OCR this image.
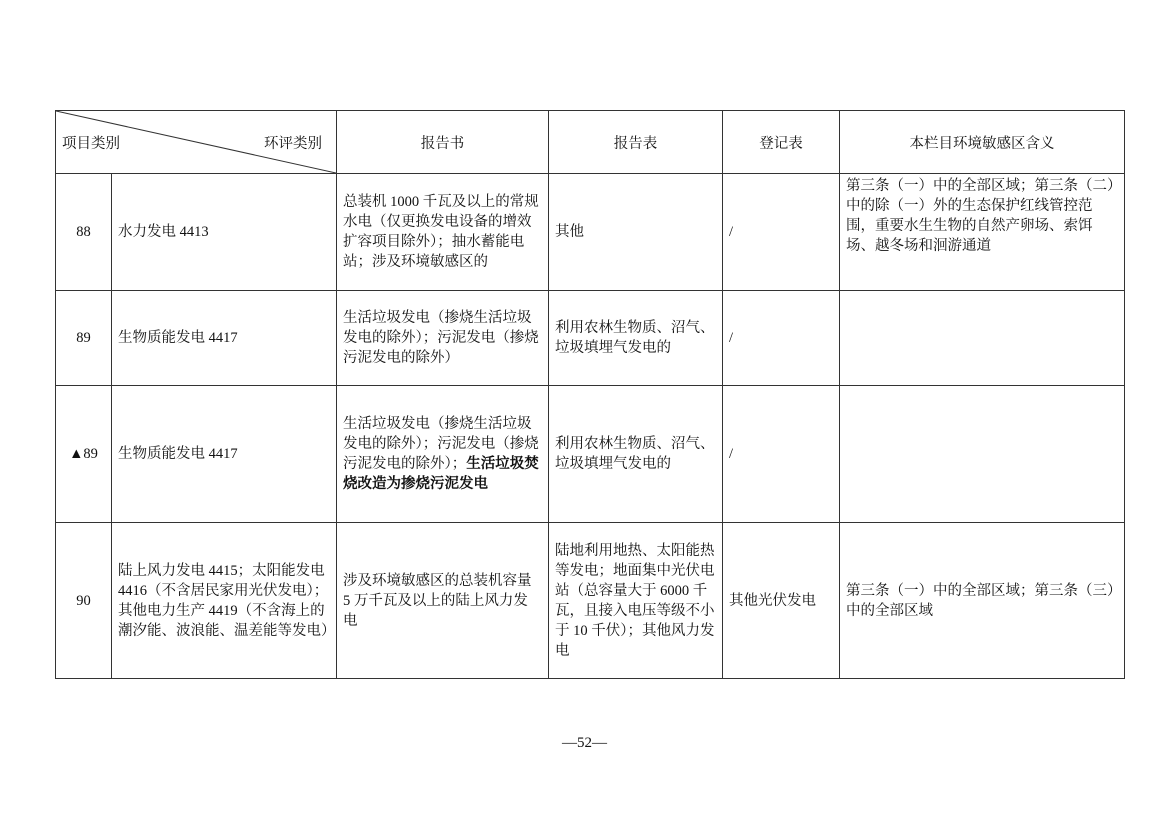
项目类别 环评类别		报告书	报告表	登记表	本栏目环境敏感区含义
88	水力发电 4413	总装机 1000 千瓦及以上的常规水电（仅更换发电设备的增效扩容项目除外）；抽水蓄能电站；涉及环境敏感区的	其他	/	第三条（一）中的全部区域；第三条（二）中的除（一）外的生态保护红线管控范围，重要水生生物的自然产卵场、索饵场、越冬场和洄游通道
89	生物质能发电 4417	生活垃圾发电（掺烧生活垃圾发电的除外）；污泥发电（掺烧污泥发电的除外）	利用农林生物质、沼气、垃圾填埋气发电的	/	
▲89	生物质能发电 4417	生活垃圾发电（掺烧生活垃圾发电的除外）；污泥发电（掺烧污泥发电的除外）；生活垃圾焚烧改造为掺烧污泥发电	利用农林生物质、沼气、垃圾填埋气发电的	/	
90	陆上风力发电 4415；太阳能发电 4416（不含居民家用光伏发电）；其他电力生产 4419（不含海上的潮汐能、波浪能、温差能等发电）	涉及环境敏感区的总装机容量 5 万千瓦及以上的陆上风力发电	陆地利用地热、太阳能热等发电；地面集中光伏电站（总容量大于 6000 千瓦，且接入电压等级不小于 10 千伏）；其他风力发电	其他光伏发电	第三条（一）中的全部区域；第三条（三）中的全部区域
—52—
